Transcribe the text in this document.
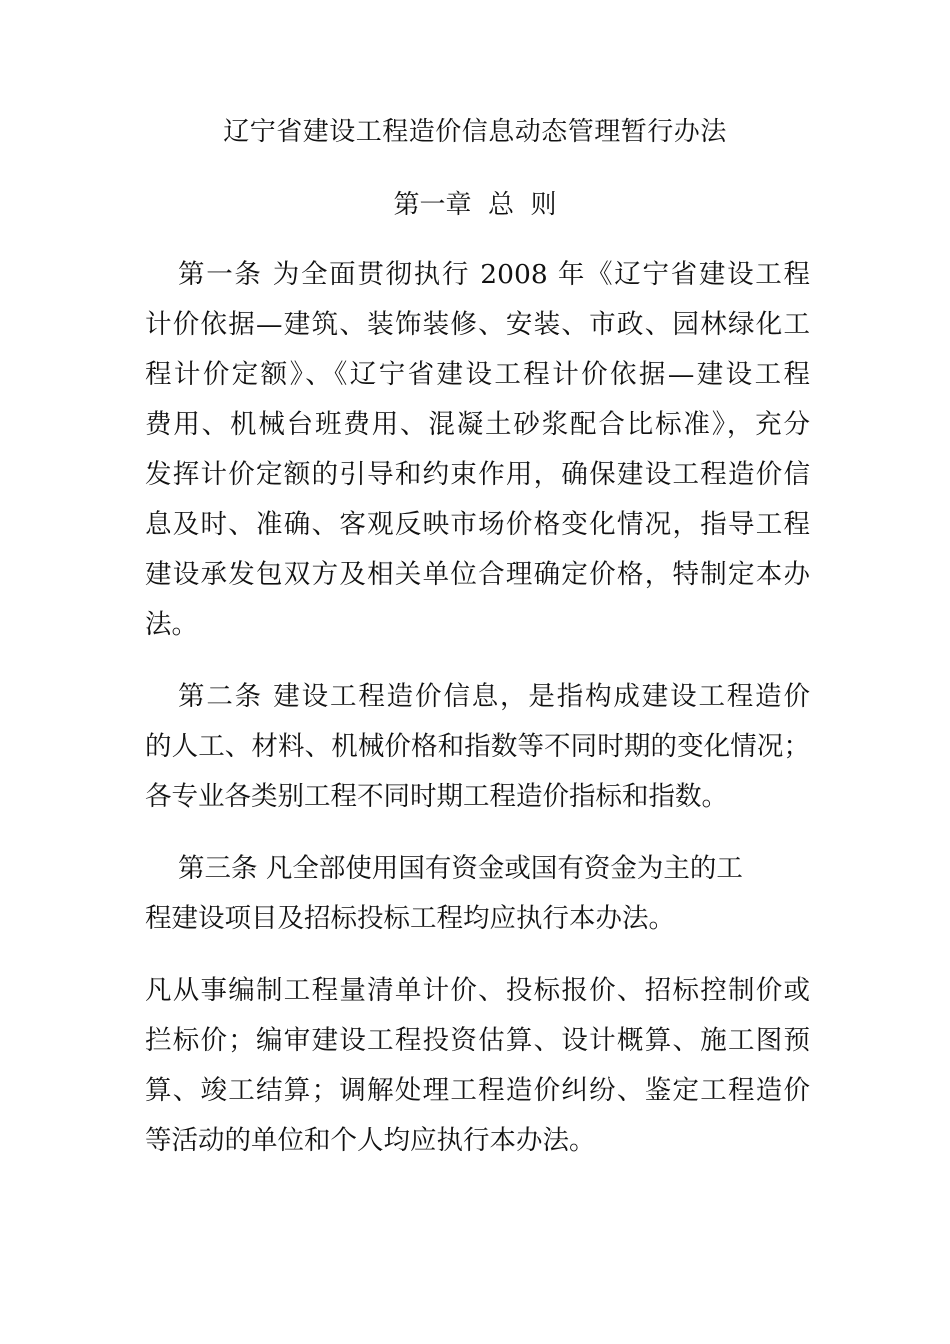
辽宁省建设工程造价信息动态管理暂行办法
第一章  总  则
第一条 为全面贯彻执行 2008 年《辽宁省建设工程
计价依据—建筑、装饰装修、安装、市政、园林绿化工
程计价定额》、《辽宁省建设工程计价依据—建设工程
费用、机械台班费用、混凝土砂浆配合比标准》，充分
发挥计价定额的引导和约束作用，确保建设工程造价信
息及时、准确、客观反映市场价格变化情况，指导工程
建设承发包双方及相关单位合理确定价格，特制定本办
法。
第二条 建设工程造价信息，是指构成建设工程造价
的人工、材料、机械价格和指数等不同时期的变化情况；
各专业各类别工程不同时期工程造价指标和指数。
第三条 凡全部使用国有资金或国有资金为主的工
程建设项目及招标投标工程均应执行本办法。
凡从事编制工程量清单计价、投标报价、招标控制价或
拦标价；编审建设工程投资估算、设计概算、施工图预
算、竣工结算；调解处理工程造价纠纷、鉴定工程造价
等活动的单位和个人均应执行本办法。
